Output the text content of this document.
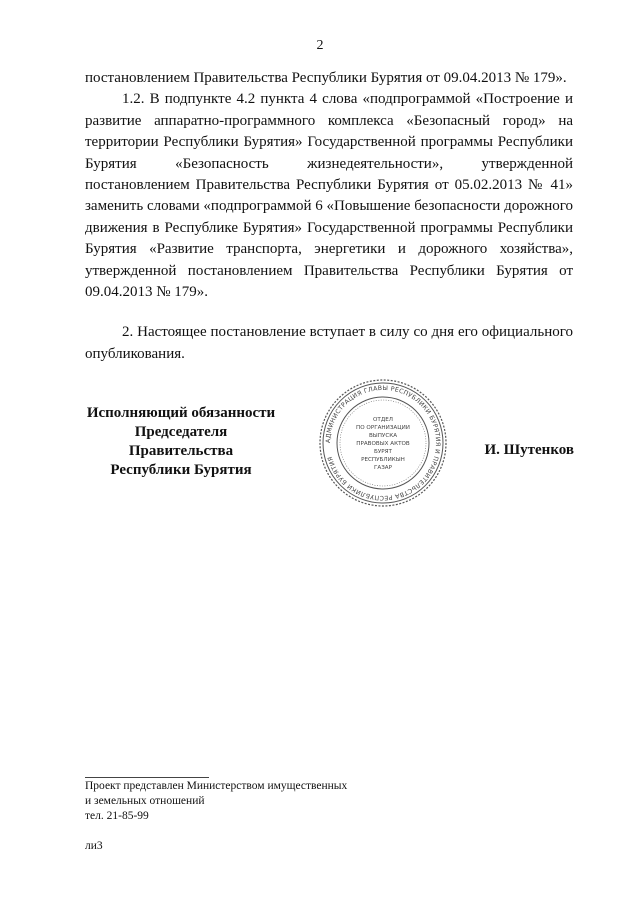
2

постановлением Правительства Республики Бурятия от 09.04.2013 № 179».

1.2. В подпункте 4.2 пункта 4 слова «подпрограммой «Построение и развитие аппаратно-программного комплекса «Безопасный город» на территории Республики Бурятия» Государственной программы Республики Бурятия «Безопасность жизнедеятельности», утвержденной постановлением Правительства Республики Бурятия от 05.02.2013 № 41» заменить словами «подпрограммой 6 «Повышение безопасности дорожного движения в Республике Бурятия» Государственной программы Республики Бурятия «Развитие транспорта, энергетики и дорожного хозяйства», утвержденной постановлением Правительства Республики Бурятия от 09.04.2013 № 179».

2. Настоящее постановление вступает в силу со дня его официального опубликования.

Исполняющий обязанности
Председателя Правительства
Республики Бурятия
АДМИНИСТРАЦИЯ ГЛАВЫ РЕСПУБЛИКИ БУРЯТИЯ И ПРАВИТЕЛЬСТВА РЕСПУБЛИКИ БУРЯТИЯ
ОТДЕЛ
ПО ОРГАНИЗАЦИИ
ВЫПУСКА
ПРАВОВЫХ АКТОВ
БУРЯТ
РЕСПУБЛИКЫН
ГАЗАР
И. Шутенков
Проект представлен Министерством имущественных
и земельных отношений
тел. 21-85-99
ли3
